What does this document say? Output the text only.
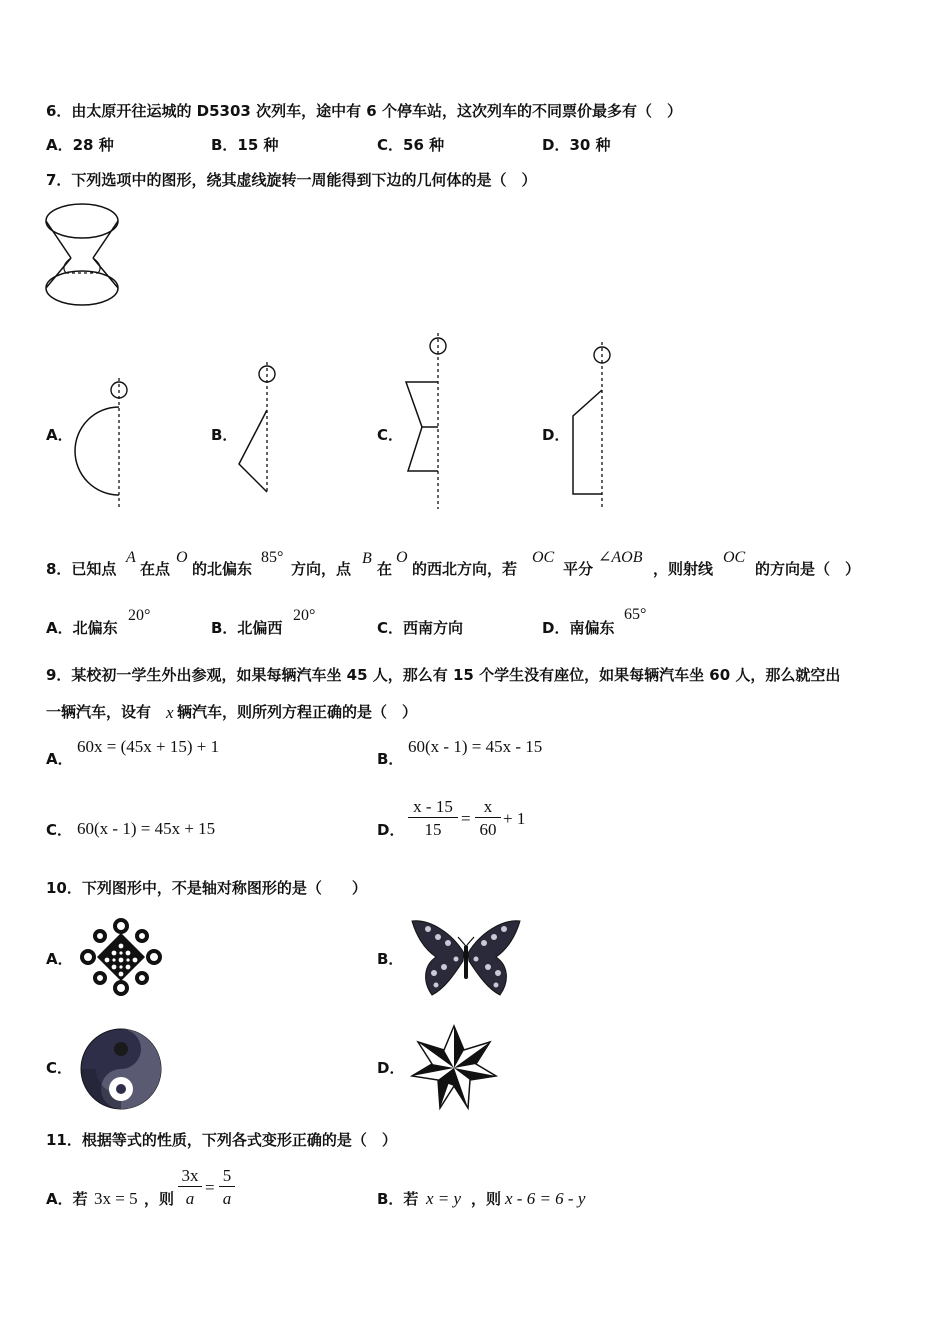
6．由太原开往运城的 D5303 次列车，途中有 6 个停车站，这次列车的不同票价最多有（　）
A．28 种	B．15 种	C．56 种	D．30 种
7．下列选项中的图形，绕其虚线旋转一周能得到下边的几何体的是（　）
A．	B．	C．	D．
8．已知点
A
在点
O
的北偏东
85°
方向，点
B
在
O
的西北方向，若
OC
平分
∠AOB
，则射线
OC
的方向是（　）
A．北偏东
20°
B．北偏西
20°
C．西南方向	D．南偏东
65°
9．某校初一学生外出参观，如果每辆汽车坐 45 人，那么有 15 个学生没有座位，如果每辆汽车坐 60 人，那么就空出
一辆汽车，设有 x 辆汽车，则所列方程正确的是（　）
A．
60x = (45x + 15) + 1
B．
60(x - 1) = 45x - 15
C． 60(x - 1) = 45x + 15	D． $\frac{x - 15}{15} = \frac{x}{60} + 1$
10．下列图形中，不是轴对称图形的是（　　）
A．	B．
C．	D．
11．根据等式的性质，下列各式变形正确的是（　）
A．若 3x = 5 ，则 $\frac{3x}{a} = \frac{5}{a}$	B．若 x = y ，则 x - 6 = 6 - y
